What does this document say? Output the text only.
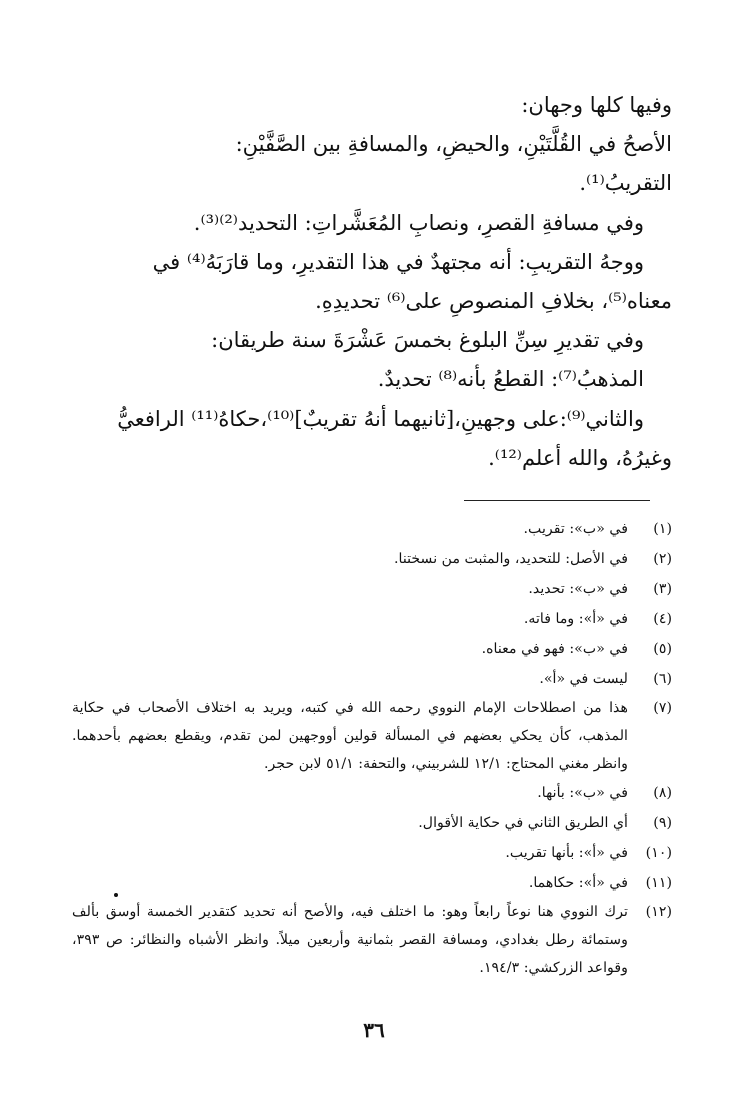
وفيها كلها وجهان:
الأصحُ في القُلَّتَيْنِ، والحيضِ، والمسافةِ بين الصَّفَّيْنِ:
التقريبُ⁽¹⁾.
وفي مسافةِ القصرِ، ونصابِ المُعَشَّراتِ: التحديد⁽²⁾⁽³⁾.
ووجهُ التقريبِ: أنه مجتهدٌ في هذا التقديرِ، وما قارَبَهُ⁽⁴⁾ في
معناه⁽⁵⁾، بخلافِ المنصوصِ على⁽⁶⁾ تحديدِهِ.
وفي تقديرِ سِنِّ البلوغ بخمسَ عَشْرَةَ سنة طريقان:
المذهبُ⁽⁷⁾: القطعُ بأنه⁽⁸⁾ تحديدٌ.
والثاني⁽⁹⁾:على وجهينِ،[ثانيهما أنهُ تقريبٌ]⁽¹⁰⁾،حكاهُ⁽¹¹⁾ الرافعيُّ
وغيرُهُ، والله أعلم⁽¹²⁾.
(١)
في «ب»: تقريب.
(٢)
في الأصل: للتحديد، والمثبت من نسختنا.
(٣)
في «ب»: تحديد.
(٤)
في «أ»: وما فاته.
(٥)
في «ب»: فهو في معناه.
(٦)
ليست في «أ».
(٧)
هذا من اصطلاحات الإمام النووي رحمه الله في كتبه، ويريد به اختلاف الأصحاب في حكاية المذهب، كأن يحكي بعضهم في المسألة قولين أووجهين لمن تقدم، ويقطع بعضهم بأحدهما. وانظر مغني المحتاج: ١٢/١ للشربيني، والتحفة: ٥١/١ لابن حجر.
(٨)
في «ب»: بأنها.
(٩)
أي الطريق الثاني في حكاية الأقوال.
(١٠)
في «أ»: بأنها تقريب.
(١١)
في «أ»: حكاهما.
(١٢)
ترك النووي هنا نوعاً رابعاً وهو: ما اختلف فيه، والأصح أنه تحديد كتقدير الخمسة أوسق بألف وستمائة رطل بغدادي، ومسافة القصر بثمانية وأربعين ميلاً. وانظر الأشباه والنظائر: ص ٣٩٣، وقواعد الزركشي: ١٩٤/٣.
٣٦
